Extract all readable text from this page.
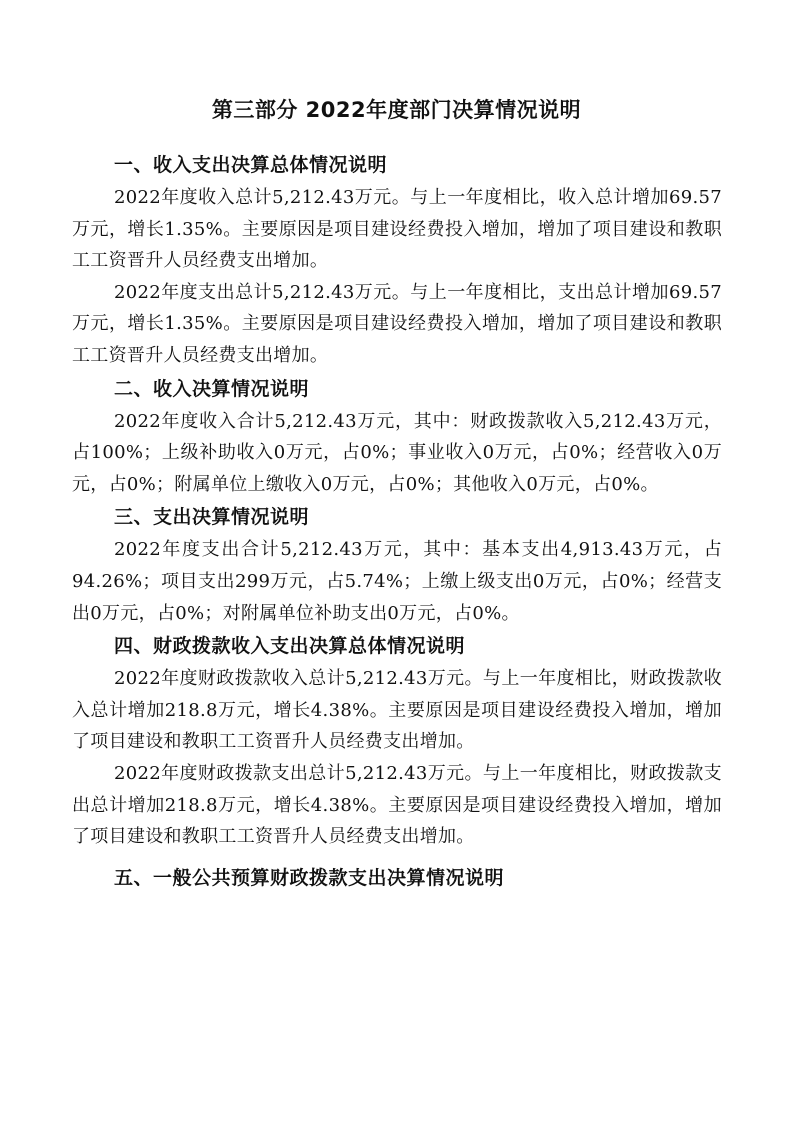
第三部分 2022年度部门决算情况说明
一、收入支出决算总体情况说明

2022年度收入总计5,212.43万元。与上一年度相比，收入总计增加69.57万元，增长1.35%。主要原因是项目建设经费投入增加，增加了项目建设和教职工工资晋升人员经费支出增加。

2022年度支出总计5,212.43万元。与上一年度相比，支出总计增加69.57万元，增长1.35%。主要原因是项目建设经费投入增加，增加了项目建设和教职工工资晋升人员经费支出增加。

二、收入决算情况说明

2022年度收入合计5,212.43万元，其中：财政拨款收入5,212.43万元，占100%；上级补助收入0万元，占0%；事业收入0万元，占0%；经营收入0万元，占0%；附属单位上缴收入0万元，占0%；其他收入0万元，占0%。

三、支出决算情况说明

2022年度支出合计5,212.43万元，其中：基本支出4,913.43万元，占94.26%；项目支出299万元，占5.74%；上缴上级支出0万元，占0%；经营支出0万元，占0%；对附属单位补助支出0万元，占0%。

四、财政拨款收入支出决算总体情况说明

2022年度财政拨款收入总计5,212.43万元。与上一年度相比，财政拨款收入总计增加218.8万元，增长4.38%。主要原因是项目建设经费投入增加，增加了项目建设和教职工工资晋升人员经费支出增加。

2022年度财政拨款支出总计5,212.43万元。与上一年度相比，财政拨款支出总计增加218.8万元，增长4.38%。主要原因是项目建设经费投入增加，增加了项目建设和教职工工资晋升人员经费支出增加。

五、一般公共预算财政拨款支出决算情况说明
